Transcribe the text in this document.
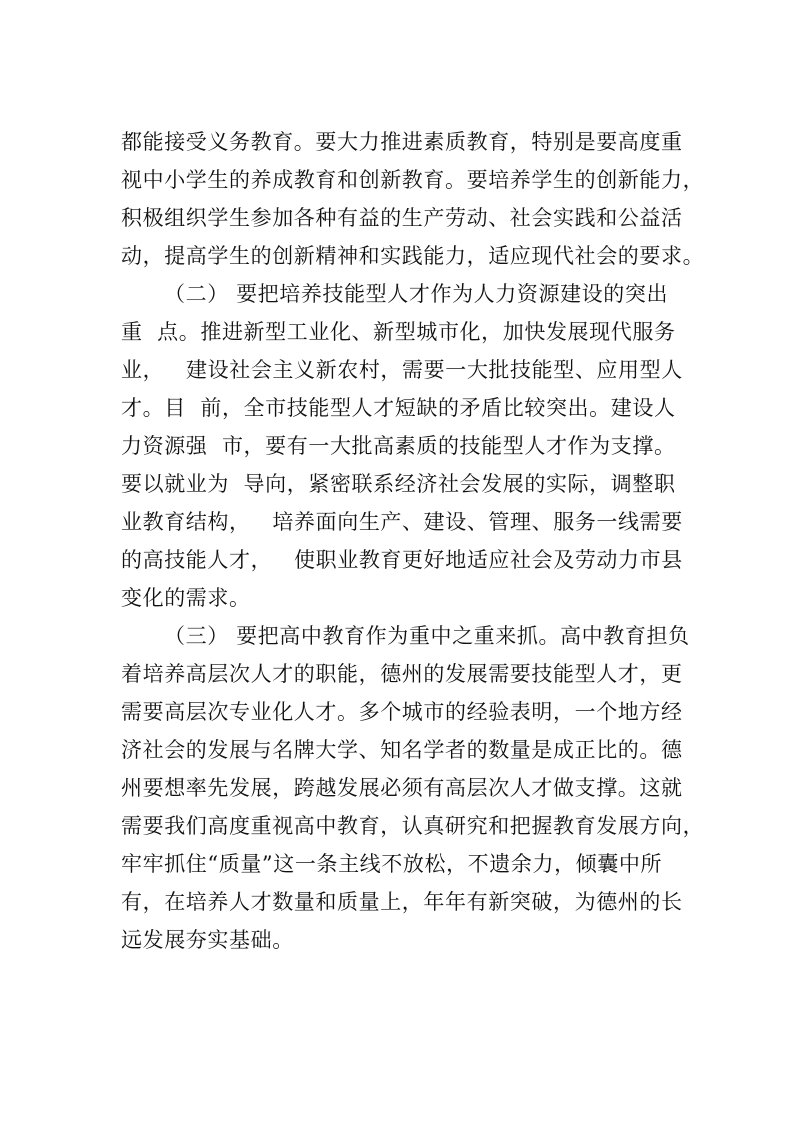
都能接受义务教育。要大力推进素质教育，特别是要高度重
视中小学生的养成教育和创新教育。要培养学生的创新能力，
积极组织学生参加各种有益的生产劳动、社会实践和公益活
动，提高学生的创新精神和实践能力，适应现代社会的要求。
（二） 要把培养技能型人才作为人力资源建设的突出
重  点。推进新型工业化、新型城市化，加快发展现代服务
业，   建设社会主义新农村，需要一大批技能型、应用型人
才。目  前，全市技能型人才短缺的矛盾比较突出。建设人
力资源强  市，要有一大批高素质的技能型人才作为支撑。
要以就业为  导向，紧密联系经济社会发展的实际，调整职
业教育结构，   培养面向生产、建设、管理、服务一线需要
的高技能人才，   使职业教育更好地适应社会及劳动力市县
变化的需求。
（三） 要把高中教育作为重中之重来抓。高中教育担负
着培养高层次人才的职能，德州的发展需要技能型人才，更
需要高层次专业化人才。多个城市的经验表明，一个地方经
济社会的发展与名牌大学、知名学者的数量是成正比的。德
州要想率先发展，跨越发展必须有高层次人才做支撑。这就
需要我们高度重视高中教育，认真研究和把握教育发展方向，
牢牢抓住“质量”这一条主线不放松，不遗余力，倾囊中所
有，在培养人才数量和质量上，年年有新突破，为德州的长
远发展夯实基础。
